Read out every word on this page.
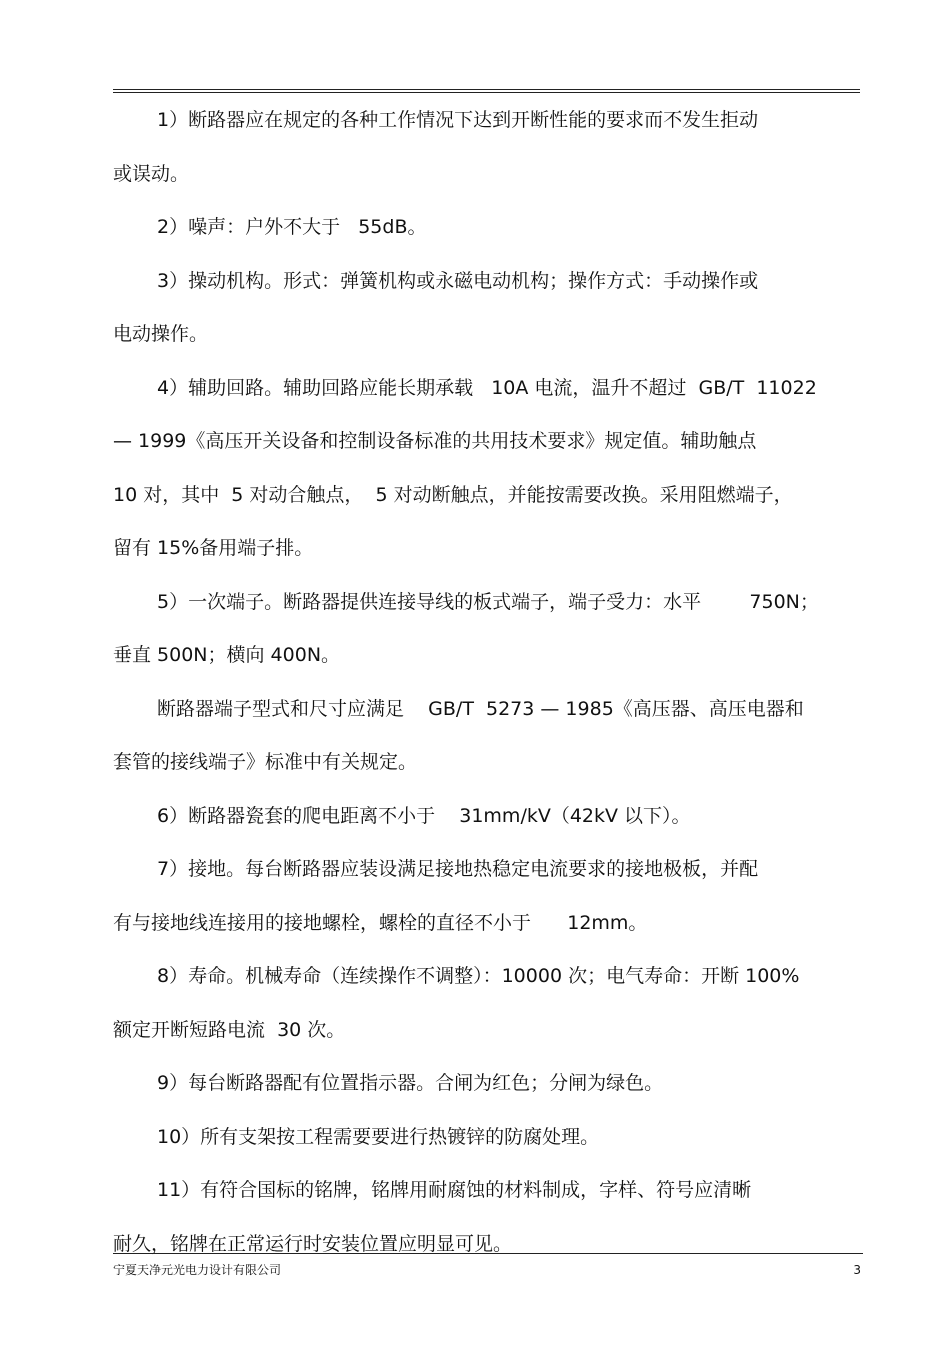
1）断路器应在规定的各种工作情况下达到开断性能的要求而不发生拒动
或误动。
2）噪声：户外不大于   55dB。
3）操动机构。形式：弹簧机构或永磁电动机构；操作方式：手动操作或
电动操作。
4）辅助回路。辅助回路应能长期承载   10A 电流，温升不超过  GB/T  11022
— 1999《高压开关设备和控制设备标准的共用技术要求》规定值。辅助触点
10 对，其中  5 对动合触点，  5 对动断触点，并能按需要改换。采用阻燃端子，
留有 15%备用端子排。
5）一次端子。断路器提供连接导线的板式端子，端子受力：水平        750N；
垂直 500N；横向 400N。
断路器端子型式和尺寸应满足    GB/T  5273 — 1985《高压器、高压电器和
套管的接线端子》标准中有关规定。
6）断路器瓷套的爬电距离不小于    31mm/kV（42kV 以下）。
7）接地。每台断路器应装设满足接地热稳定电流要求的接地极板，并配
有与接地线连接用的接地螺栓，螺栓的直径不小于      12mm。
8）寿命。机械寿命（连续操作不调整）：10000 次；电气寿命：开断 100%
额定开断短路电流  30 次。
9）每台断路器配有位置指示器。合闸为红色；分闸为绿色。
10）所有支架按工程需要要进行热镀锌的防腐处理。
11）有符合国标的铭牌，铭牌用耐腐蚀的材料制成，字样、符号应清晰
耐久，铭牌在正常运行时安装位置应明显可见。
宁夏天净元光电力设计有限公司	3
